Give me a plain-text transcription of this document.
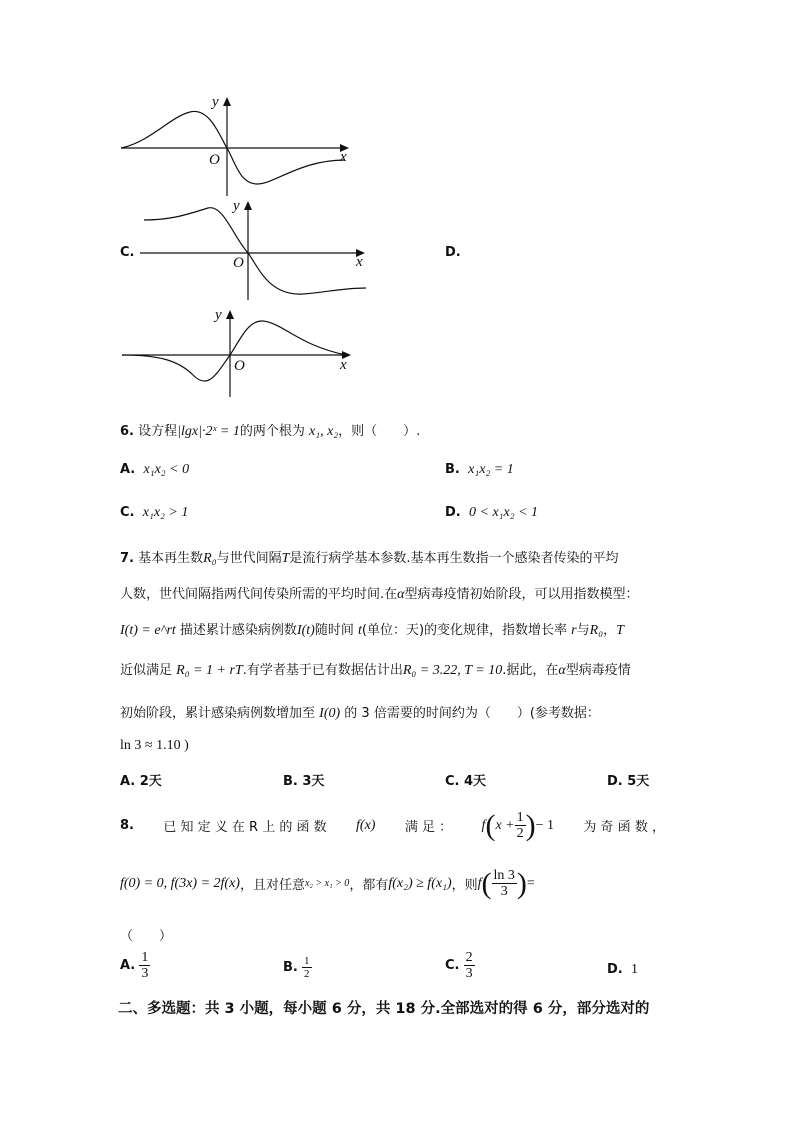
y
x
O
C.
y
x
O
D.
y
x
O
6. 设方程|lgx|·2ˣ = 1的两个根为 x₁, x₂，则（　　）.
A. x₁x₂ < 0	B. x₁x₂ = 1
C. x₁x₂ > 1	D. 0 < x₁x₂ < 1
7. 基本再生数R₀与世代间隔T是流行病学基本参数.基本再生数指一个感染者传染的平均
人数，世代间隔指两代间传染所需的平均时间.在α型病毒疫情初始阶段，可以用指数模型：
I(t) = e^rt 描述累计感染病例数I(t)随时间 t(单位：天)的变化规律，指数增长率 r与R₀，T
近似满足 R₀ = 1 + rT.有学者基于已有数据估计出R₀ = 3.22, T = 10.据此，在α型病毒疫情
初始阶段，累计感染病例数增加至 I(0) 的 3 倍需要的时间约为（　　）(参考数据：
ln 3 ≈ 1.10 )
A. 2天	B. 3天	C. 4天	D. 5天
8. 已 知 定 义 在 R 上 的 函 数 f(x) 满 足 ： f ( $x + \frac{1}{2}$ ) − 1 为 奇 函 数 ，
f(0) = 0, f(3x) = 2f(x) ，且对任意 x₂ > x₁ > 0 ，都有 f(x₂) ≥ f(x₁) ，则 f ( $\frac{\ln 3}{3}$ ) =
（　　）
A.
$\frac{1}{3}$	B.
$\frac{1}{2}$	C.
$\frac{2}{3}$	D. 1
二、多选题：共 3 小题，每小题 6 分，共 18 分.全部选对的得 6 分，部分选对的
